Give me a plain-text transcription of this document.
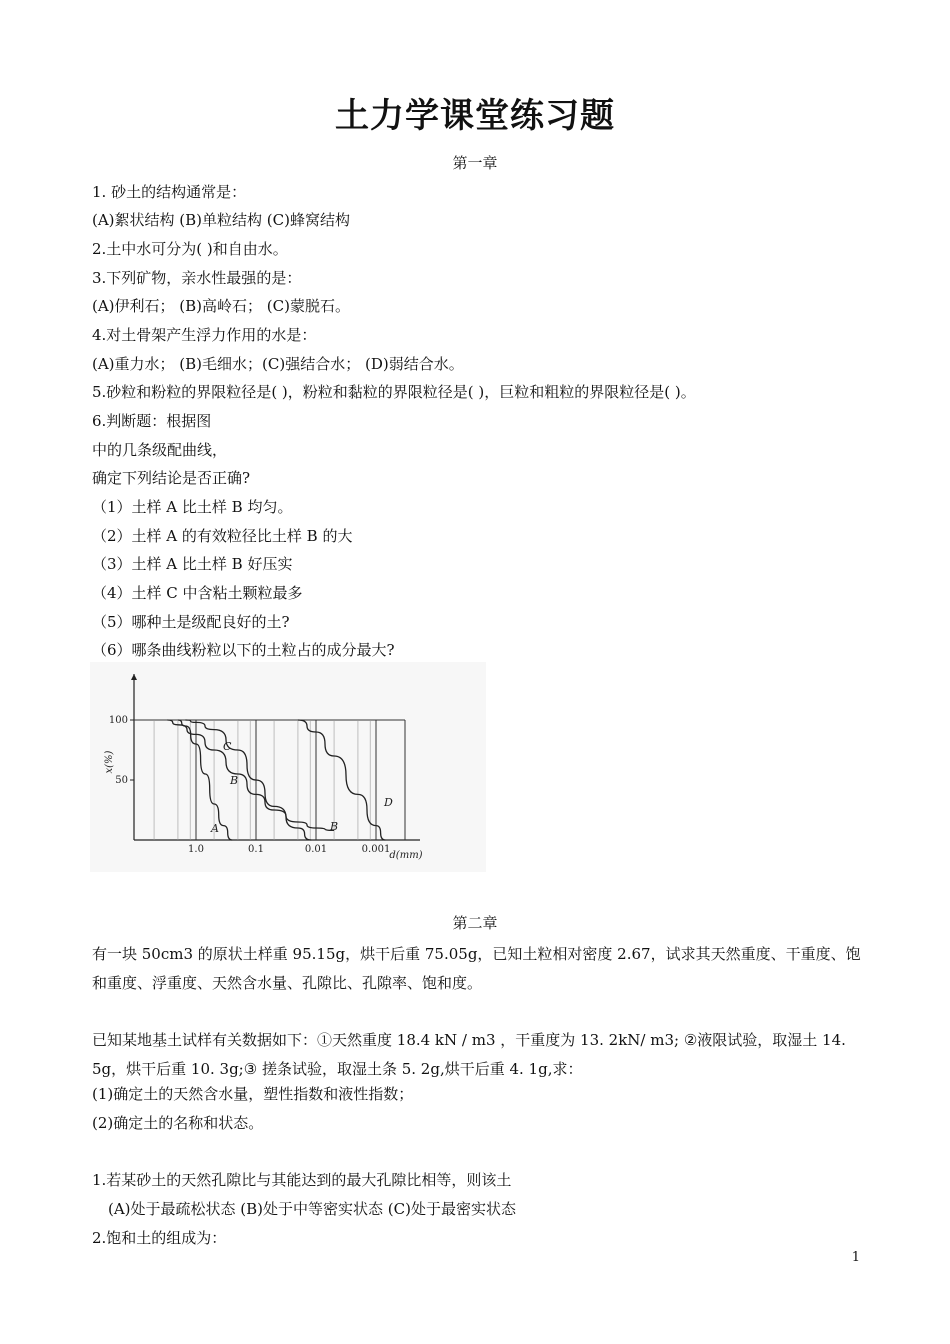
土力学课堂练习题
第一章
1. 砂土的结构通常是：
(A)絮状结构 (B)单粒结构 (C)蜂窝结构
2.土中水可分为( )和自由水。
3.下列矿物，亲水性最强的是：
(A)伊利石； (B)高岭石； (C)蒙脱石。
4.对土骨架产生浮力作用的水是：
(A)重力水； (B)毛细水；(C)强结合水； (D)弱结合水。
5.砂粒和粉粒的界限粒径是( )，粉粒和黏粒的界限粒径是( )，巨粒和粗粒的界限粒径是( )。
6.判断题：根据图
中的几条级配曲线，
确定下列结论是否正确?
（1）土样 A 比土样 B 均匀。
（2）土样 A 的有效粒径比土样 B 的大
（3）土样 A 比土样 B 好压实
（4）土样 C 中含粘土颗粒最多
（5）哪种土是级配良好的土?
（6）哪条曲线粉粒以下的土粒占的成分最大?
100
50
1.0	0.1	0.01	0.001
x(%)
d(mm)
A
B
C
D
B
第二章
有一块 50cm3 的原状土样重 95.15g，烘干后重 75.05g，已知土粒相对密度 2.67，试求其天然重度、干重度、饱和重度、浮重度、天然含水量、孔隙比、孔隙率、饱和度。
已知某地基土试样有关数据如下：①天然重度 18.4 kN / m3 ，干重度为 13. 2kN/ m3; ②液限试验，取湿土 14. 5g，烘干后重 10. 3g;③ 搓条试验，取湿土条 5. 2g,烘干后重 4. 1g,求：
(1)确定土的天然含水量，塑性指数和液性指数；
(2)确定土的名称和状态。
1.若某砂土的天然孔隙比与其能达到的最大孔隙比相等，则该土
(A)处于最疏松状态 (B)处于中等密实状态 (C)处于最密实状态
2.饱和土的组成为：
1
